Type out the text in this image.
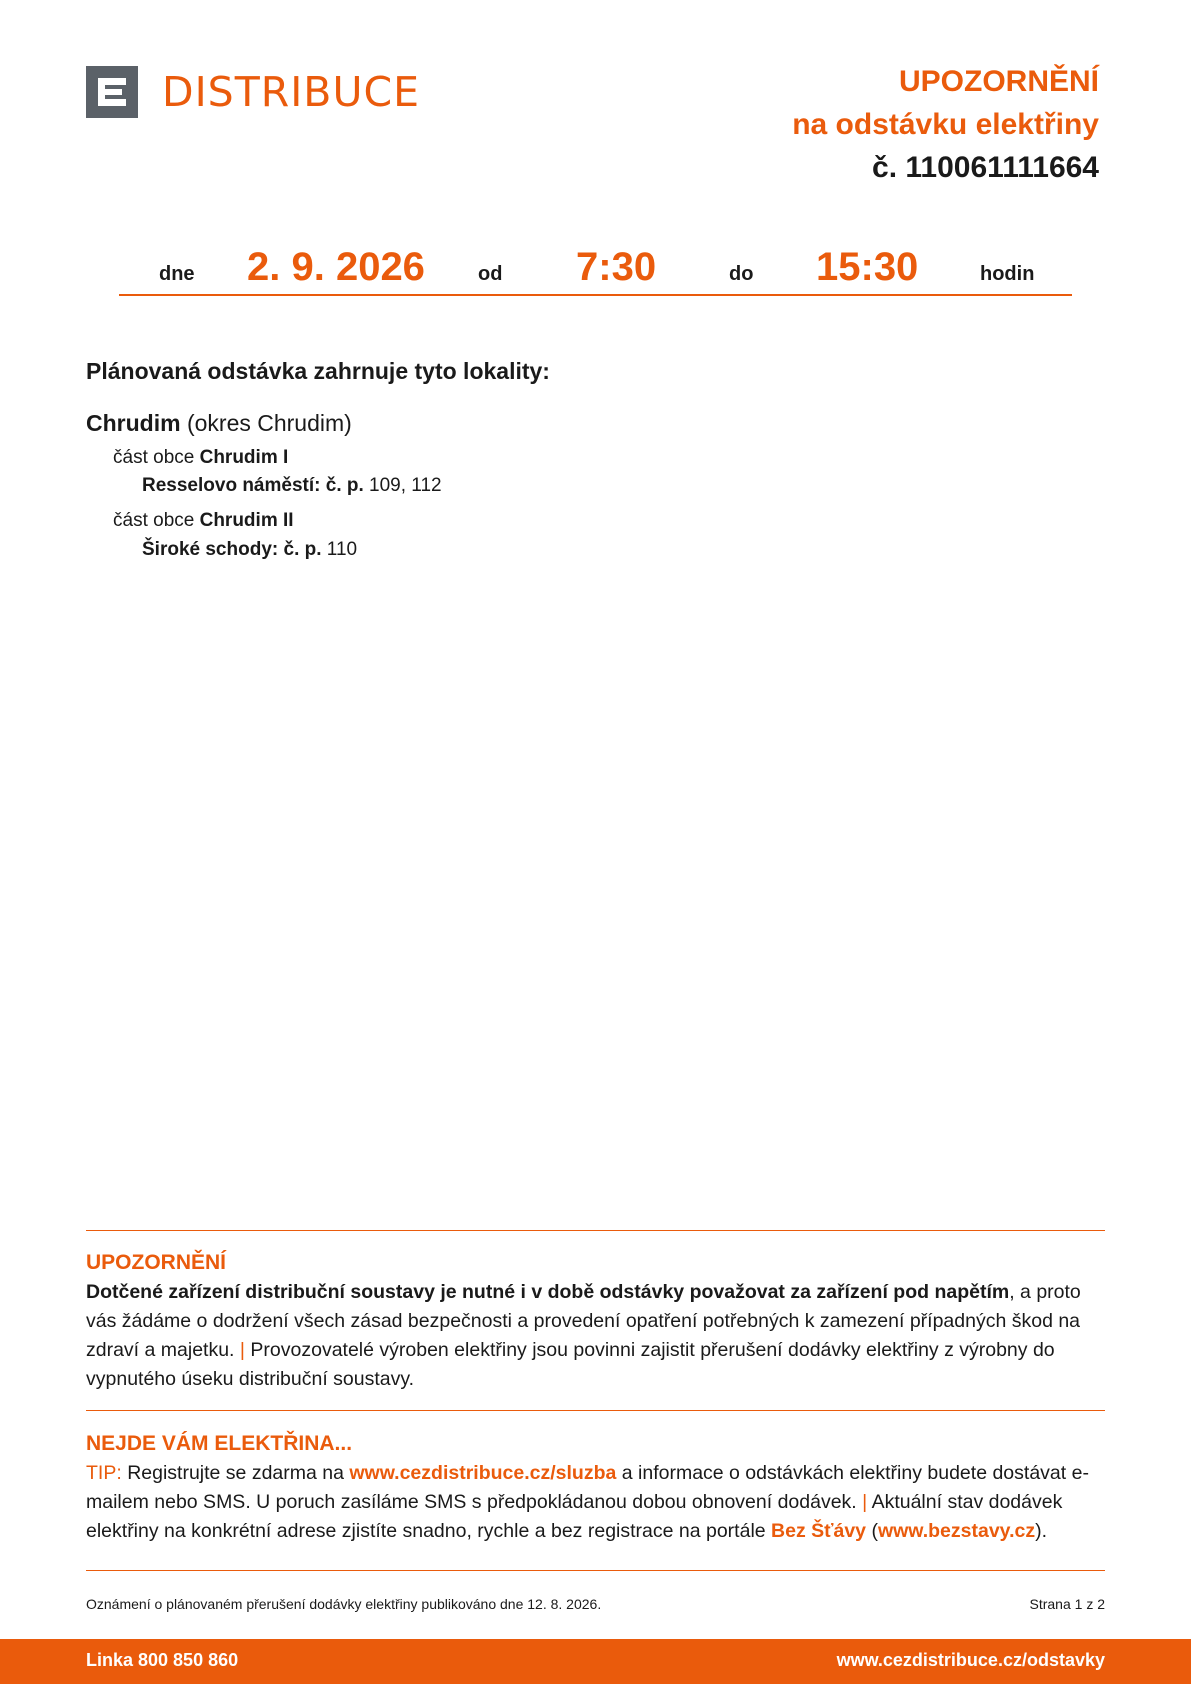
DISTRIBUCE	UPOZORNĚNÍ
na odstávku elektřiny
č. 110061111664
dne 2. 9. 2026	od 7:30	do 15:30	hodin
Plánovaná odstávka zahrnuje tyto lokality:
Chrudim (okres Chrudim)
část obce Chrudim I
Resselovo náměstí: č. p. 109, 112
část obce Chrudim II
Široké schody: č. p. 110
UPOZORNĚNÍ
Dotčené zařízení distribuční soustavy je nutné i v době odstávky považovat za zařízení pod napětím, a proto vás žádáme o dodržení všech zásad bezpečnosti a provedení opatření potřebných k zamezení případných škod na zdraví a majetku. | Provozovatelé výroben elektřiny jsou povinni zajistit přerušení dodávky elektřiny z výrobny do vypnutého úseku distribuční soustavy.
NEJDE VÁM ELEKTŘINA...
TIP: Registrujte se zdarma na www.cezdistribuce.cz/sluzba a informace o odstávkách elektřiny budete dostávat e-mailem nebo SMS. U poruch zasíláme SMS s předpokládanou dobou obnovení dodávek. | Aktuální stav dodávek elektřiny na konkrétní adrese zjistíte snadno, rychle a bez registrace na portále Bez Šťávy (www.bezstavy.cz).
Oznámení o plánovaném přerušení dodávky elektřiny publikováno dne 12. 8. 2026.	Strana 1 z 2
Linka 800 850 860	www.cezdistribuce.cz/odstavky
